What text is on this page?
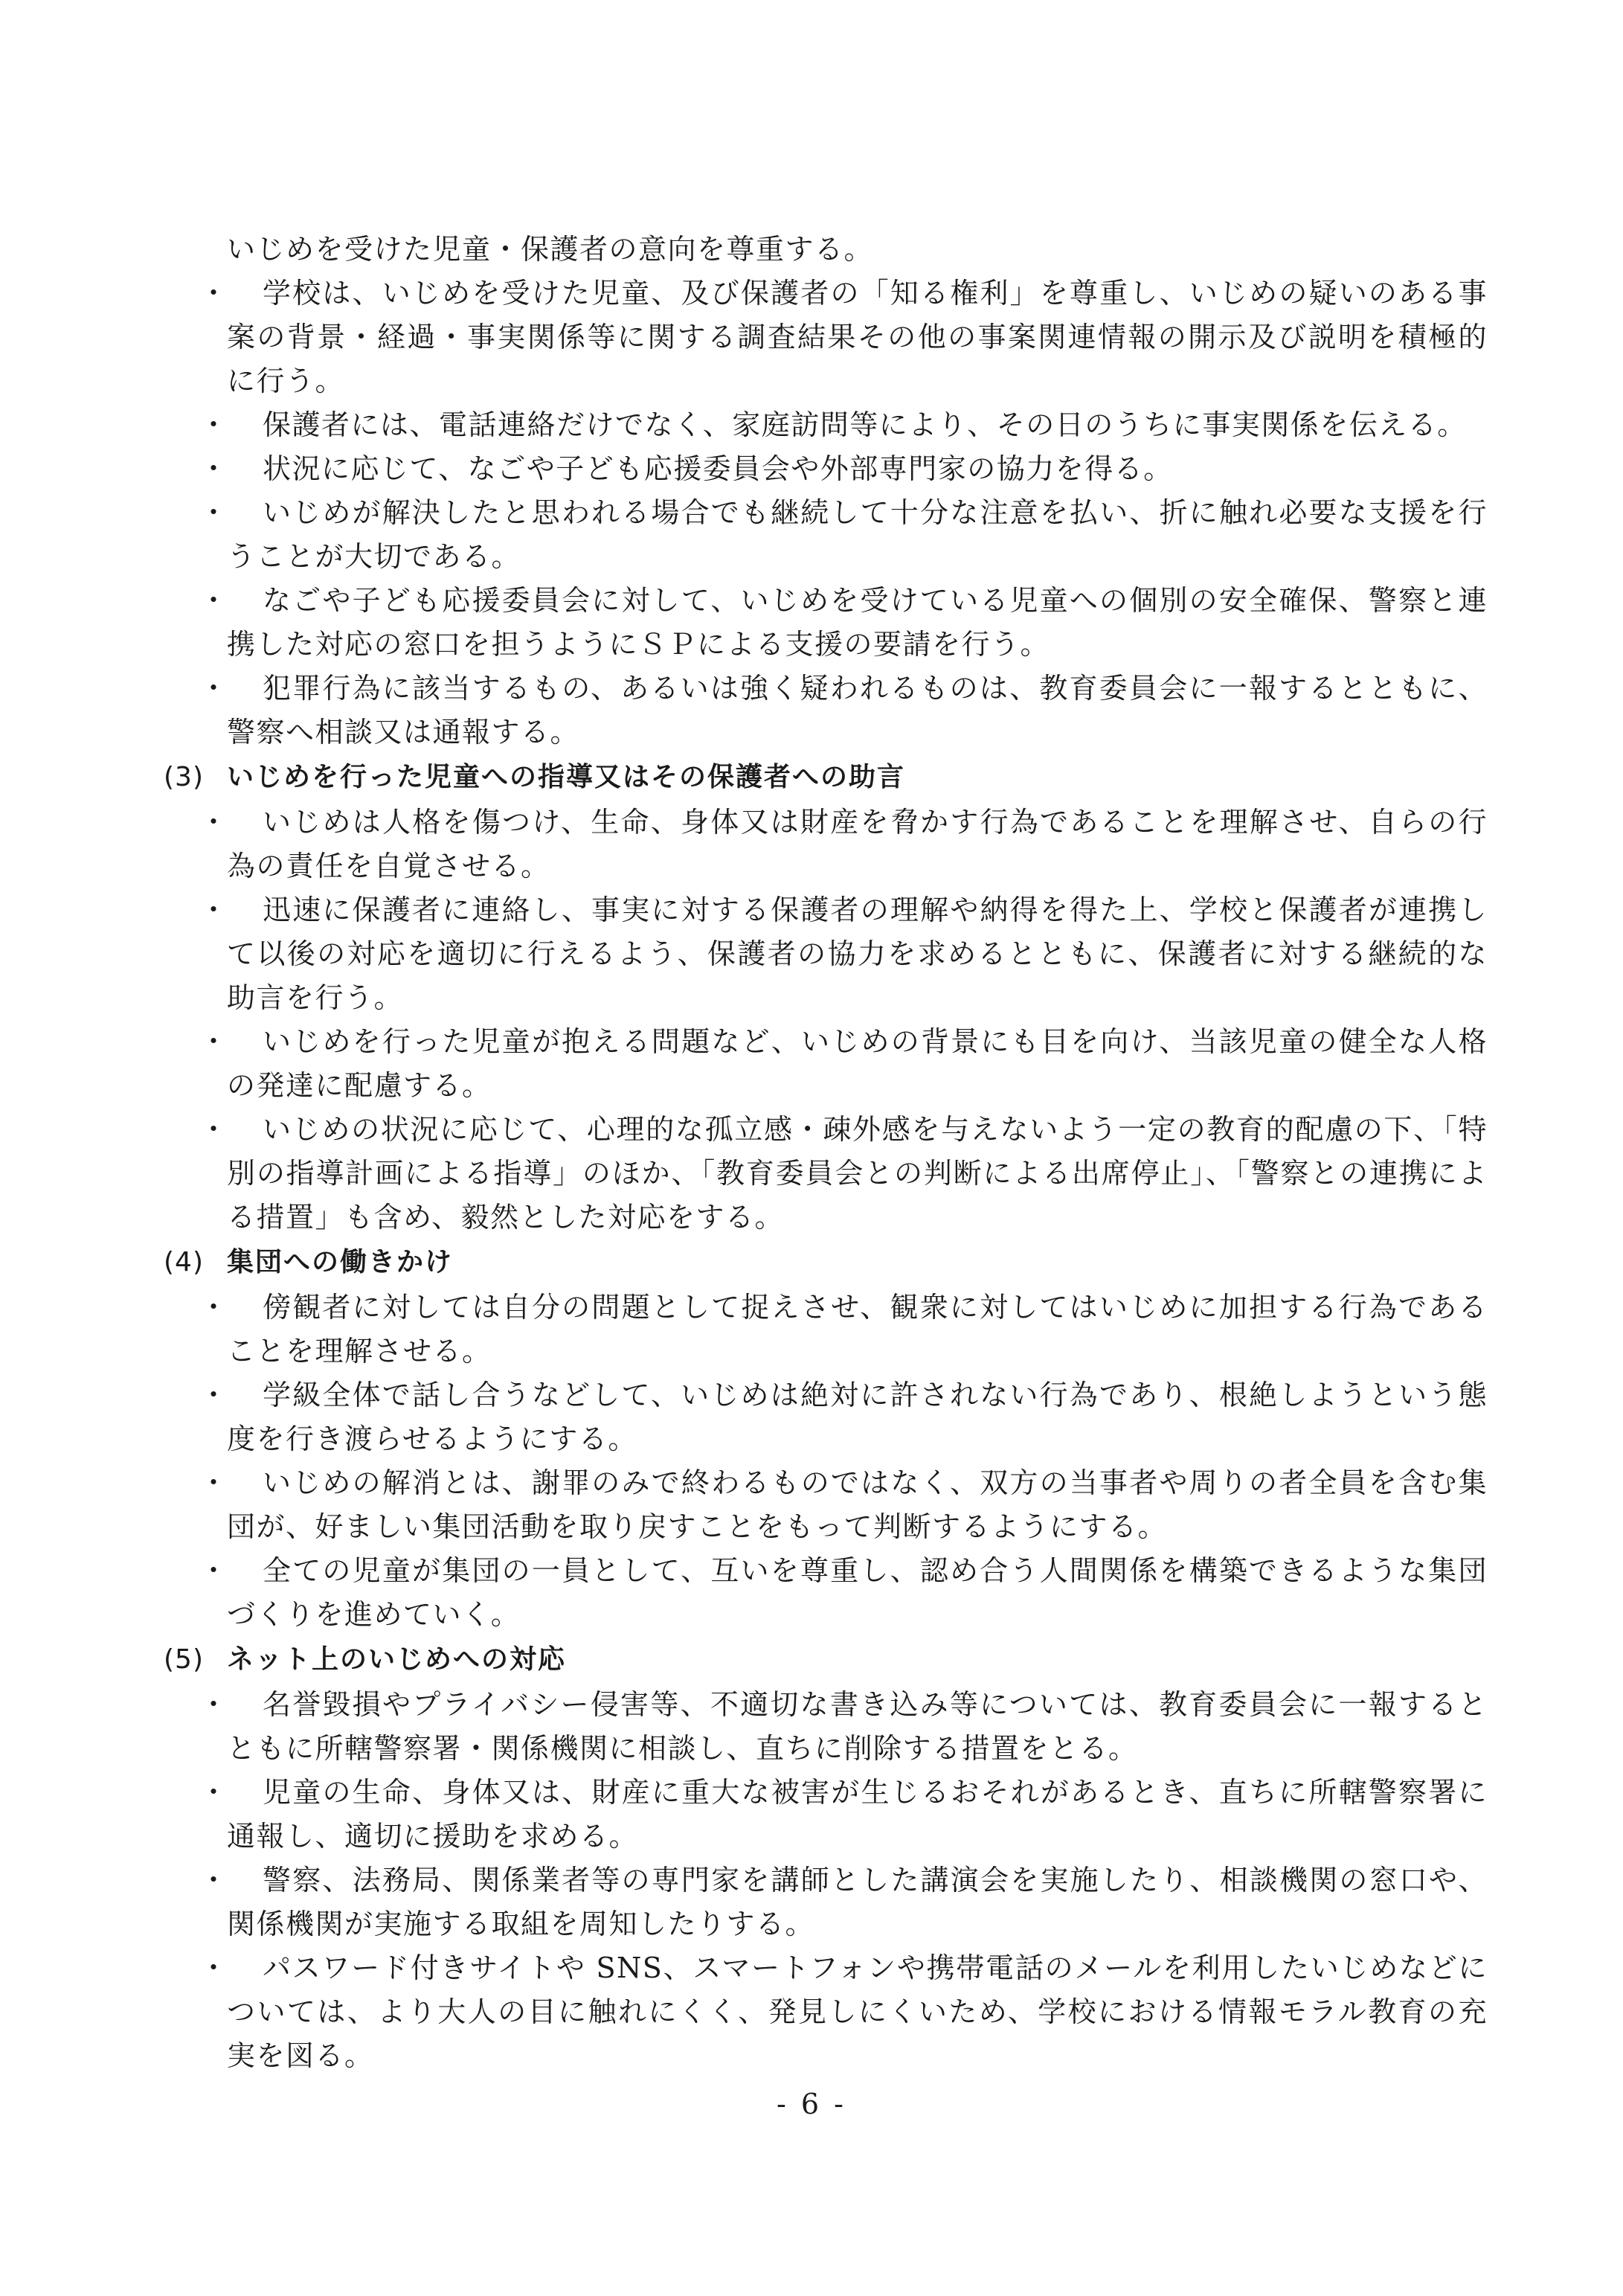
いじめを受けた児童・保護者の意向を尊重する。
・	学校は、いじめを受けた児童、及び保護者の「知る権利」を尊重し、いじめの疑いのある事案の背景・経過・事実関係等に関する調査結果その他の事案関連情報の開示及び説明を積極的に行う。
・	保護者には、電話連絡だけでなく、家庭訪問等により、その日のうちに事実関係を伝える。
・	状況に応じて、なごや子ども応援委員会や外部専門家の協力を得る。
・	いじめが解決したと思われる場合でも継続して十分な注意を払い、折に触れ必要な支援を行うことが大切である。
・	なごや子ども応援委員会に対して、いじめを受けている児童への個別の安全確保、警察と連携した対応の窓口を担うようにＳＰによる支援の要請を行う。
・	犯罪行為に該当するもの、あるいは強く疑われるものは、教育委員会に一報するとともに、警察へ相談又は通報する。
(3) いじめを行った児童への指導又はその保護者への助言
・	いじめは人格を傷つけ、生命、身体又は財産を脅かす行為であることを理解させ、自らの行為の責任を自覚させる。
・	迅速に保護者に連絡し、事実に対する保護者の理解や納得を得た上、学校と保護者が連携して以後の対応を適切に行えるよう、保護者の協力を求めるとともに、保護者に対する継続的な助言を行う。
・	いじめを行った児童が抱える問題など、いじめの背景にも目を向け、当該児童の健全な人格の発達に配慮する。
・	いじめの状況に応じて、心理的な孤立感・疎外感を与えないよう一定の教育的配慮の下、「特別の指導計画による指導」のほか、「教育委員会との判断による出席停止」、「警察との連携による措置」も含め、毅然とした対応をする。
(4) 集団への働きかけ
・	傍観者に対しては自分の問題として捉えさせ、観衆に対してはいじめに加担する行為であることを理解させる。
・	学級全体で話し合うなどして、いじめは絶対に許されない行為であり、根絶しようという態度を行き渡らせるようにする。
・	いじめの解消とは、謝罪のみで終わるものではなく、双方の当事者や周りの者全員を含む集団が、好ましい集団活動を取り戻すことをもって判断するようにする。
・	全ての児童が集団の一員として、互いを尊重し、認め合う人間関係を構築できるような集団づくりを進めていく。
(5) ネット上のいじめへの対応
・	名誉毀損やプライバシー侵害等、不適切な書き込み等については、教育委員会に一報するとともに所轄警察署・関係機関に相談し、直ちに削除する措置をとる。
・	児童の生命、身体又は、財産に重大な被害が生じるおそれがあるとき、直ちに所轄警察署に通報し、適切に援助を求める。
・	警察、法務局、関係業者等の専門家を講師とした講演会を実施したり、相談機関の窓口や、関係機関が実施する取組を周知したりする。
・	パスワード付きサイトや SNS、スマートフォンや携帯電話のメールを利用したいじめなどについては、より大人の目に触れにくく、発見しにくいため、学校における情報モラル教育の充実を図る。
- 6 -
